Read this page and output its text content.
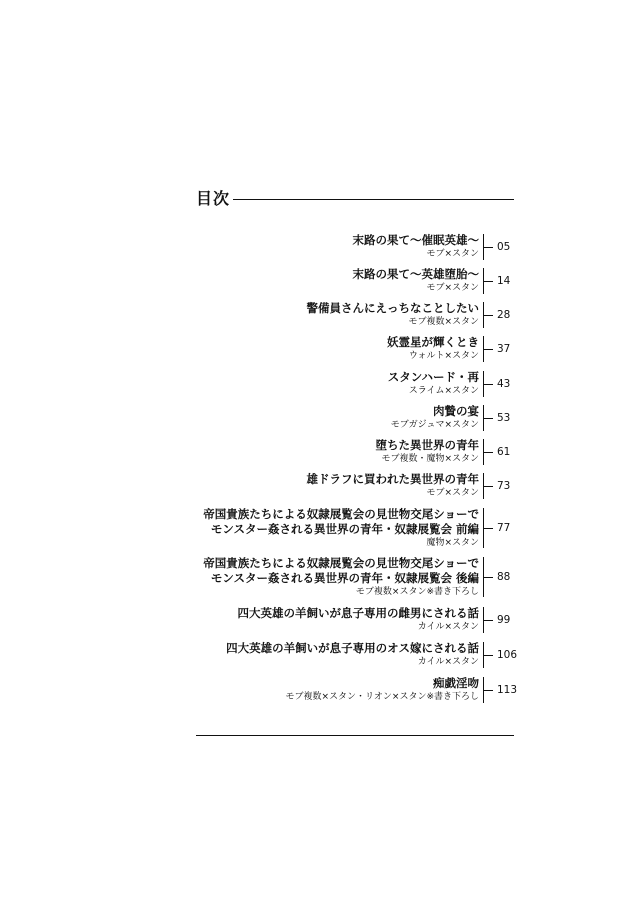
目次
末路の果て～催眠英雄～
モブ×スタン
05
末路の果て～英雄堕胎～
モブ×スタン
14
警備員さんにえっちなことしたい
モブ複数×スタン
28
妖霊星が輝くとき
ウォルト×スタン
37
スタンハード・再
スライム×スタン
43
肉贄の宴
モブガジュマ×スタン
53
堕ちた異世界の青年
モブ複数・魔物×スタン
61
雄ドラフに買われた異世界の青年
モブ×スタン
73
帝国貴族たちによる奴隷展覧会の見世物交尾ショーで
モンスター姦される異世界の青年・奴隷展覧会 前編
魔物×スタン
77
帝国貴族たちによる奴隷展覧会の見世物交尾ショーで
モンスター姦される異世界の青年・奴隷展覧会 後編
モブ複数×スタン※書き下ろし
88
四大英雄の羊飼いが息子専用の雌男にされる話
カイル×スタン
99
四大英雄の羊飼いが息子専用のオス嫁にされる話
カイル×スタン
106
痴戯淫吻
モブ複数×スタン・リオン×スタン※書き下ろし
113
